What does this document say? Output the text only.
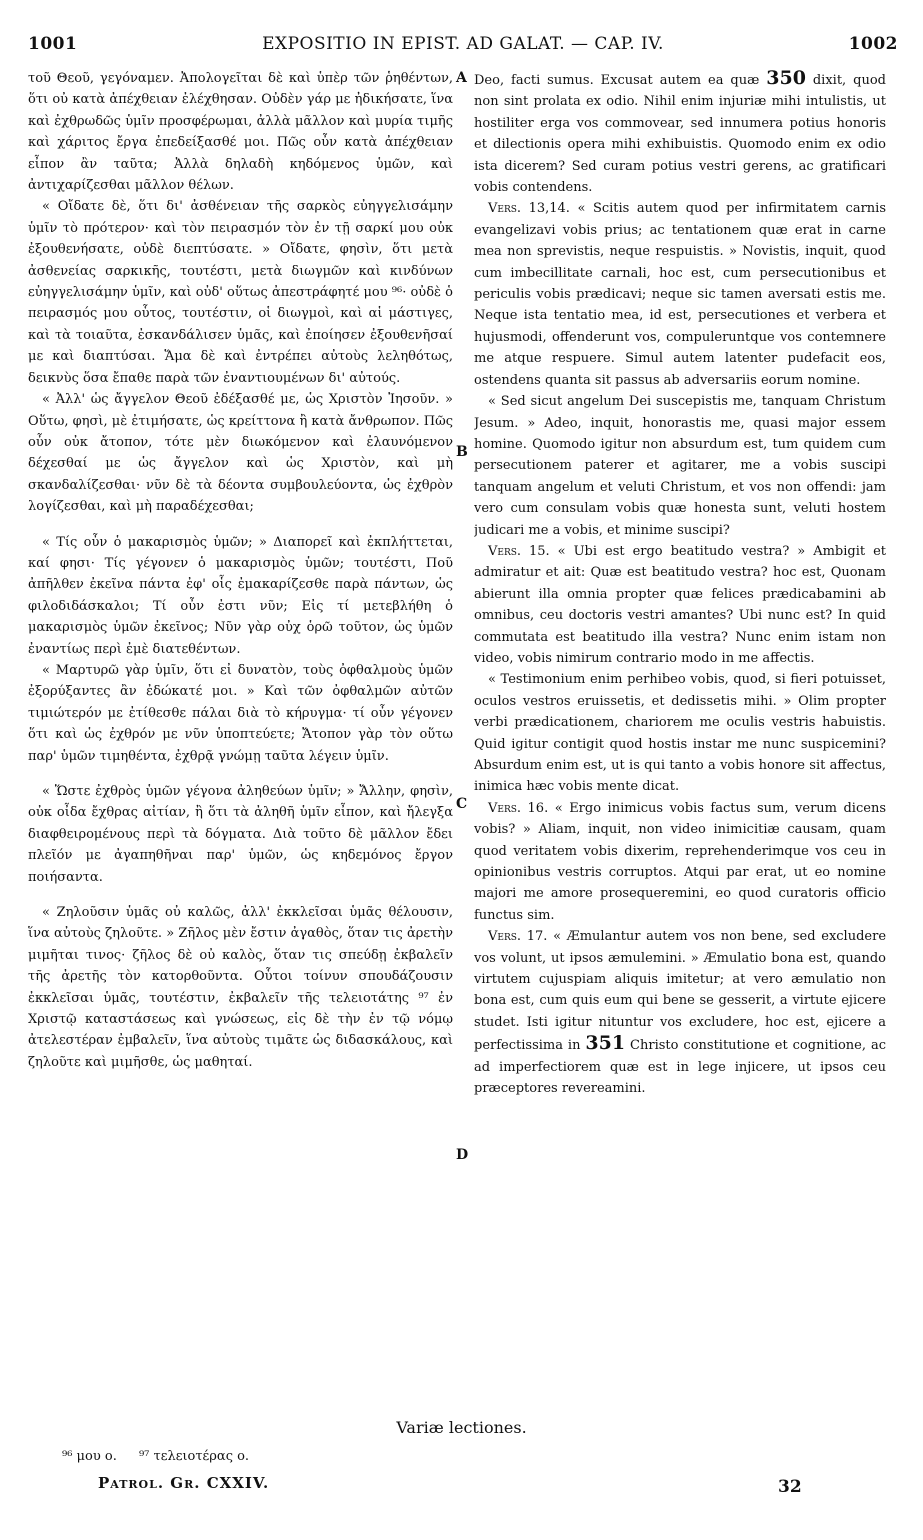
1001	EXPOSITIO IN EPIST. AD GALAT. — CAP. IV.	1002

τοῦ Θεοῦ, γεγόναμεν. Ἀπολογεῖται δὲ καὶ ὑπὲρ τῶν ῥηθέντων, ὅτι οὐ κατὰ ἀπέχθειαν ἐλέχθησαν. Οὐδὲν γάρ με ἠδικήσατε, ἵνα καὶ ἐχθρωδῶς ὑμῖν προσφέρωμαι, ἀλλὰ μᾶλλον καὶ μυρία τιμῆς καὶ χάριτος ἔργα ἐπεδείξασθέ μοι. Πῶς οὖν κατὰ ἀπέχθειαν εἶπον ἂν ταῦτα; Ἀλλὰ δηλαδὴ κηδόμενος ὑμῶν, καὶ ἀντιχαρίζεσθαι μᾶλλον θέλων.

« Οἴδατε δὲ, ὅτι δι' ἀσθένειαν τῆς σαρκὸς εὐηγγελισάμην ὑμῖν τὸ πρότερον· καὶ τὸν πειρασμόν τὸν ἐν τῇ σαρκί μου οὐκ ἐξουθενήσατε, οὐδὲ διεπτύσατε. » Οἴδατε, φησὶν, ὅτι μετὰ ἀσθενείας σαρκικῆς, τουτέστι, μετὰ διωγμῶν καὶ κινδύνων εὐηγγελισάμην ὑμῖν, καὶ οὐδ' οὕτως ἀπεστράφητέ μου ⁹⁶· οὐδὲ ὁ πειρασμός μου οὗτος, τουτέστιν, οἱ διωγμοὶ, καὶ αἱ μάστιγες, καὶ τὰ τοιαῦτα, ἐσκανδάλισεν ὑμᾶς, καὶ ἐποίησεν ἐξουθενῆσαί με καὶ διαπτύσαι. Ἅμα δὲ καὶ ἐντρέπει αὐτοὺς λεληθότως, δεικνὺς ὅσα ἔπαθε παρὰ τῶν ἐναντιουμένων δι' αὐτούς.

« Ἀλλ' ὡς ἄγγελον Θεοῦ ἐδέξασθέ με, ὡς Χριστὸν Ἰησοῦν. » Οὕτω, φησὶ, μὲ ἐτιμήσατε, ὡς κρείττονα ἢ κατὰ ἄνθρωπον. Πῶς οὖν οὐκ ἄτοπον, τότε μὲν διωκόμενον καὶ ἐλαυνόμενον δέχεσθαί με ὡς ἄγγελον καὶ ὡς Χριστὸν, καὶ μὴ σκανδαλίζεσθαι· νῦν δὲ τὰ δέοντα συμβουλεύοντα, ὡς ἐχθρὸν λογίζεσθαι, καὶ μὴ παραδέχεσθαι;

« Τίς οὖν ὁ μακαρισμὸς ὑμῶν; » Διαπορεῖ καὶ ἐκπλήττεται, καί φησι· Τίς γέγονεν ὁ μακαρισμὸς ὑμῶν; τουτέστι, Ποῦ ἀπῆλθεν ἐκεῖνα πάντα ἐφ' οἷς ἐμακαρίζεσθε παρὰ πάντων, ὡς φιλοδιδάσκαλοι; Τί οὖν ἐστι νῦν; Εἰς τί μετεβλήθη ὁ μακαρισμὸς ὑμῶν ἐκεῖνος; Νῦν γὰρ οὐχ ὁρῶ τοῦτον, ὡς ὑμῶν ἐναντίως περὶ ἐμὲ διατεθέντων.

« Μαρτυρῶ γὰρ ὑμῖν, ὅτι εἰ δυνατὸν, τοὺς ὀφθαλμοὺς ὑμῶν ἐξορύξαντες ἂν ἐδώκατέ μοι. » Καὶ τῶν ὀφθαλμῶν αὐτῶν τιμιώτερόν με ἐτίθεσθε πάλαι διὰ τὸ κήρυγμα· τί οὖν γέγονεν ὅτι καὶ ὡς ἐχθρόν με νῦν ὑποπτεύετε; Ἄτοπον γὰρ τὸν οὕτω παρ' ὑμῶν τιμηθέντα, ἐχθρᾷ γνώμῃ ταῦτα λέγειν ὑμῖν.

« Ὥστε ἐχθρὸς ὑμῶν γέγονα ἀληθεύων ὑμῖν; » Ἄλλην, φησὶν, οὐκ οἶδα ἔχθρας αἰτίαν, ἢ ὅτι τὰ ἀληθῆ ὑμῖν εἶπον, καὶ ἤλεγξα διαφθειρομένους περὶ τὰ δόγματα. Διὰ τοῦτο δὲ μᾶλλον ἔδει πλεῖόν με ἀγαπηθῆναι παρ' ὑμῶν, ὡς κηδεμόνος ἔργον ποιήσαντα.

« Ζηλοῦσιν ὑμᾶς οὐ καλῶς, ἀλλ' ἐκκλεῖσαι ὑμᾶς θέλουσιν, ἵνα αὐτοὺς ζηλοῦτε. » Ζῆλος μὲν ἔστιν ἀγαθὸς, ὅταν τις ἀρετὴν μιμῆται τινος· ζῆλος δὲ οὐ καλὸς, ὅταν τις σπεύδῃ ἐκβαλεῖν τῆς ἀρετῆς τὸν κατορθοῦντα. Οὗτοι τοίνυν σπουδάζουσιν ἐκκλεῖσαι ὑμᾶς, τουτέστιν, ἐκβαλεῖν τῆς τελειοτάτης ⁹⁷ ἐν Χριστῷ καταστάσεως καὶ γνώσεως, εἰς δὲ τὴν ἐν τῷ νόμῳ ἀτελεστέραν ἐμβαλεῖν, ἵνα αὐτοὺς τιμᾶτε ὡς διδασκάλους, καὶ ζηλοῦτε καὶ μιμῆσθε, ὡς μαθηταί.

A
B
C
D

Deo, facti sumus. Excusat autem ea quæ 350 dixit, quod non sint prolata ex odio. Nihil enim injuriæ mihi intulistis, ut hostiliter erga vos commovear, sed innumera potius honoris et dilectionis opera mihi exhibuistis. Quomodo enim ex odio ista dicerem? Sed curam potius vestri gerens, ac gratificari vobis contendens.

Vers. 13,14. « Scitis autem quod per infirmitatem carnis evangelizavi vobis prius; ac tentationem quæ erat in carne mea non sprevistis, neque respuistis. » Novistis, inquit, quod cum imbecillitate carnali, hoc est, cum persecutionibus et periculis vobis prædicavi; neque sic tamen aversati estis me. Neque ista tentatio mea, id est, persecutiones et verbera et hujusmodi, offenderunt vos, compuleruntque vos contemnere me atque respuere. Simul autem latenter pudefacit eos, ostendens quanta sit passus ab adversariis eorum nomine.

« Sed sicut angelum Dei suscepistis me, tanquam Christum Jesum. » Adeo, inquit, honorastis me, quasi major essem homine. Quomodo igitur non absurdum est, tum quidem cum persecutionem paterer et agitarer, me a vobis suscipi tanquam angelum et veluti Christum, et vos non offendi: jam vero cum consulam vobis quæ honesta sunt, veluti hostem judicari me a vobis, et minime suscipi?

Vers. 15. « Ubi est ergo beatitudo vestra? » Ambigit et admiratur et ait: Quæ est beatitudo vestra? hoc est, Quonam abierunt illa omnia propter quæ felices prædicabamini ab omnibus, ceu doctoris vestri amantes? Ubi nunc est? In quid commutata est beatitudo illa vestra? Nunc enim istam non video, vobis nimirum contrario modo in me affectis.

« Testimonium enim perhibeo vobis, quod, si fieri potuisset, oculos vestros eruissetis, et dedissetis mihi. » Olim propter verbi prædicationem, chariorem me oculis vestris habuistis. Quid igitur contigit quod hostis instar me nunc suspicemini? Absurdum enim est, ut is qui tanto a vobis honore sit affectus, inimica hæc vobis mente dicat.

Vers. 16. « Ergo inimicus vobis factus sum, verum dicens vobis? » Aliam, inquit, non video inimicitiæ causam, quam quod veritatem vobis dixerim, reprehenderimque vos ceu in opinionibus vestris corruptos. Atqui par erat, ut eo nomine majori me amore prosequeremini, eo quod curatoris officio functus sim.

Vers. 17. « Æmulantur autem vos non bene, sed excludere vos volunt, ut ipsos æmulemini. » Æmulatio bona est, quando virtutem cujuspiam aliquis imitetur; at vero æmulatio non bona est, cum quis eum qui bene se gesserit, a virtute ejicere studet. Isti igitur nituntur vos excludere, hoc est, ejicere a perfectissima in 351 Christo constitutione et cognitione, ac ad imperfectiorem quæ est in lege injicere, ut ipsos ceu præceptores revereamini.

Variæ lectiones.
⁹⁶ μου ο. ⁹⁷ τελειοτέρας ο.
Patrol. Gr. CXXIV.	32
